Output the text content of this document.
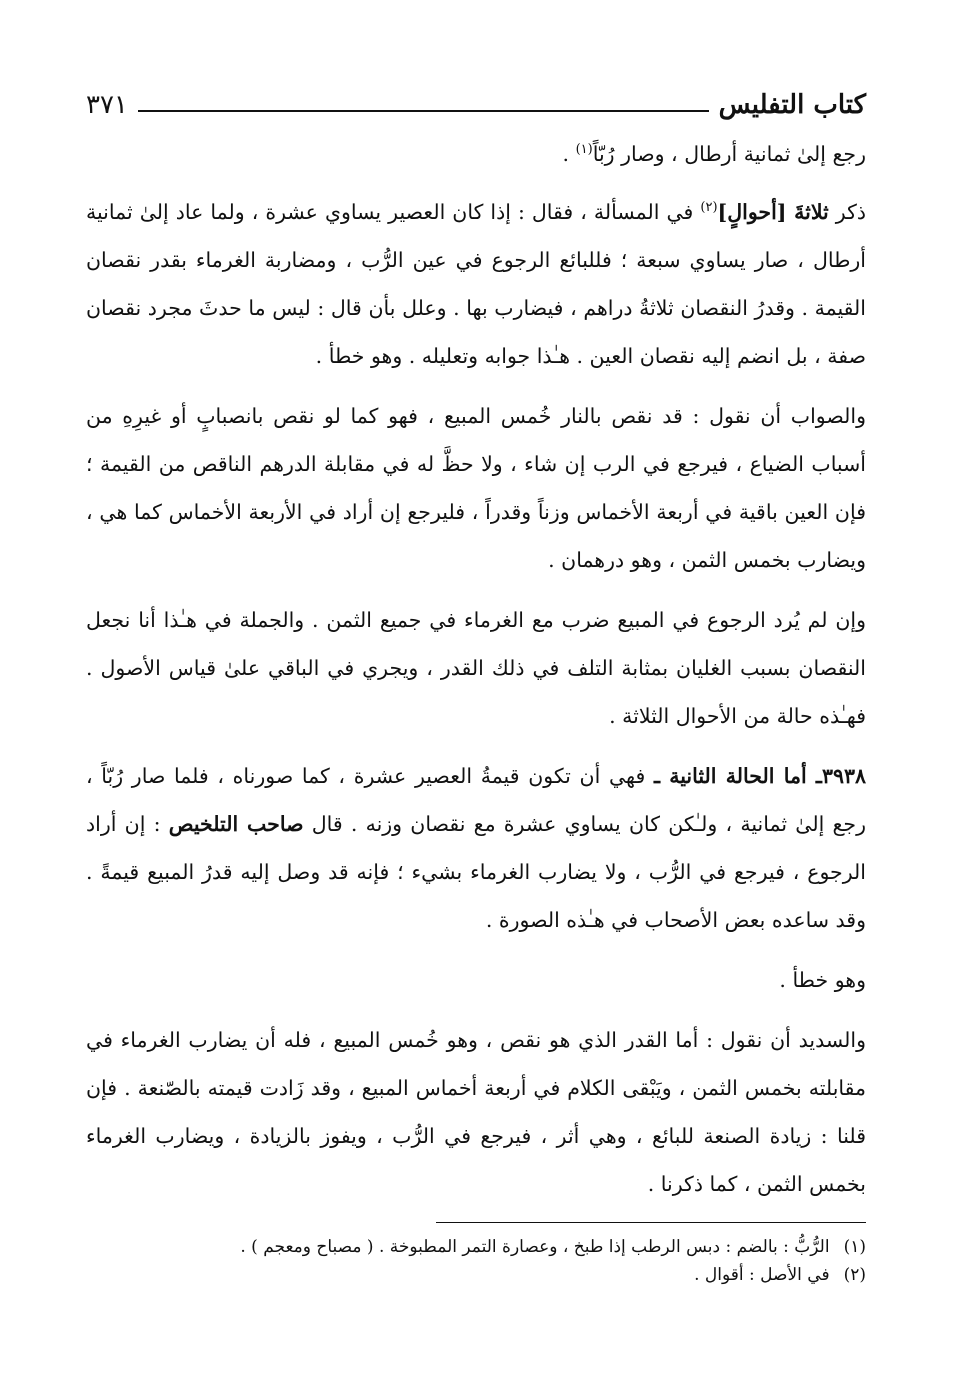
كتاب التفليس
٣٧١

رجع إلىٰ ثمانية أرطال ، وصار رُبّاً$^{(١)}$ .

ذكر ثلاثةَ [أحوالٍ]$^{(٢)}$ في المسألة ، فقال : إذا كان العصير يساوي عشرة ، ولما عاد إلىٰ ثمانية أرطال ، صار يساوي سبعة ؛ فللبائع الرجوع في عين الرُّب ، ومضاربة الغرماء بقدر نقصان القيمة . وقدرُ النقصان ثلاثةُ دراهم ، فيضارب بها . وعلل بأن قال : ليس ما حدثَ مجرد نقصان صفة ، بل انضم إليه نقصان العين . هـٰذا جوابه وتعليله . وهو خطأ .

والصواب أن نقول : قد نقص بالنار خُمس المبيع ، فهو كما لو نقص بانصبابٍ أو غيرِهِ من أسباب الضياع ، فيرجع في الرب إن شاء ، ولا حظَّ له في مقابلة الدرهم الناقص من القيمة ؛ فإن العين باقية في أربعة الأخماس وزناً وقدراً ، فليرجع إن أراد في الأربعة الأخماس كما هي ، ويضارب بخمس الثمن ، وهو درهمان .

وإن لم يُرد الرجوع في المبيع ضرب مع الغرماء في جميع الثمن . والجملة في هـٰذا أنا نجعل النقصان بسبب الغليان بمثابة التلف في ذلك القدر ، ويجري في الباقي علىٰ قياس الأصول . فهـٰذه حالة من الأحوال الثلاثة .

٣٩٣٨ـ أما الحالة الثانية ـ فهي أن تكون قيمةُ العصير عشرة ، كما صورناه ، فلما صار رُبّاً ، رجع إلىٰ ثمانية ، ولـٰكن كان يساوي عشرة مع نقصان وزنه . قال صاحب التلخيص : إن أراد الرجوع ، فيرجع في الرُّب ، ولا يضارب الغرماء بشيء ؛ فإنه قد وصل إليه قدرُ المبيع قيمةً . وقد ساعده بعض الأصحاب في هـٰذه الصورة .

وهو خطأ .

والسديد أن نقول : أما القدر الذي هو نقص ، وهو خُمس المبيع ، فله أن يضارب الغرماء في مقابلته بخمس الثمن ، ويَبْقى الكلام في أربعة أخماس المبيع ، وقد زَادت قيمته بالصّنعة . فإن قلنا : زيادة الصنعة للبائع ، وهي أثر ، فيرجع في الرُّب ، ويفوز بالزيادة ، ويضارب الغرماء بخمس الثمن ، كما ذكرنا .

(١)
الرُّبُّ : بالضم : دبس الرطب إذا طبخ ، وعصارة التمر المطبوخة . ( مصباح ومعجم ) .
(٢)
في الأصل : أقوال .
